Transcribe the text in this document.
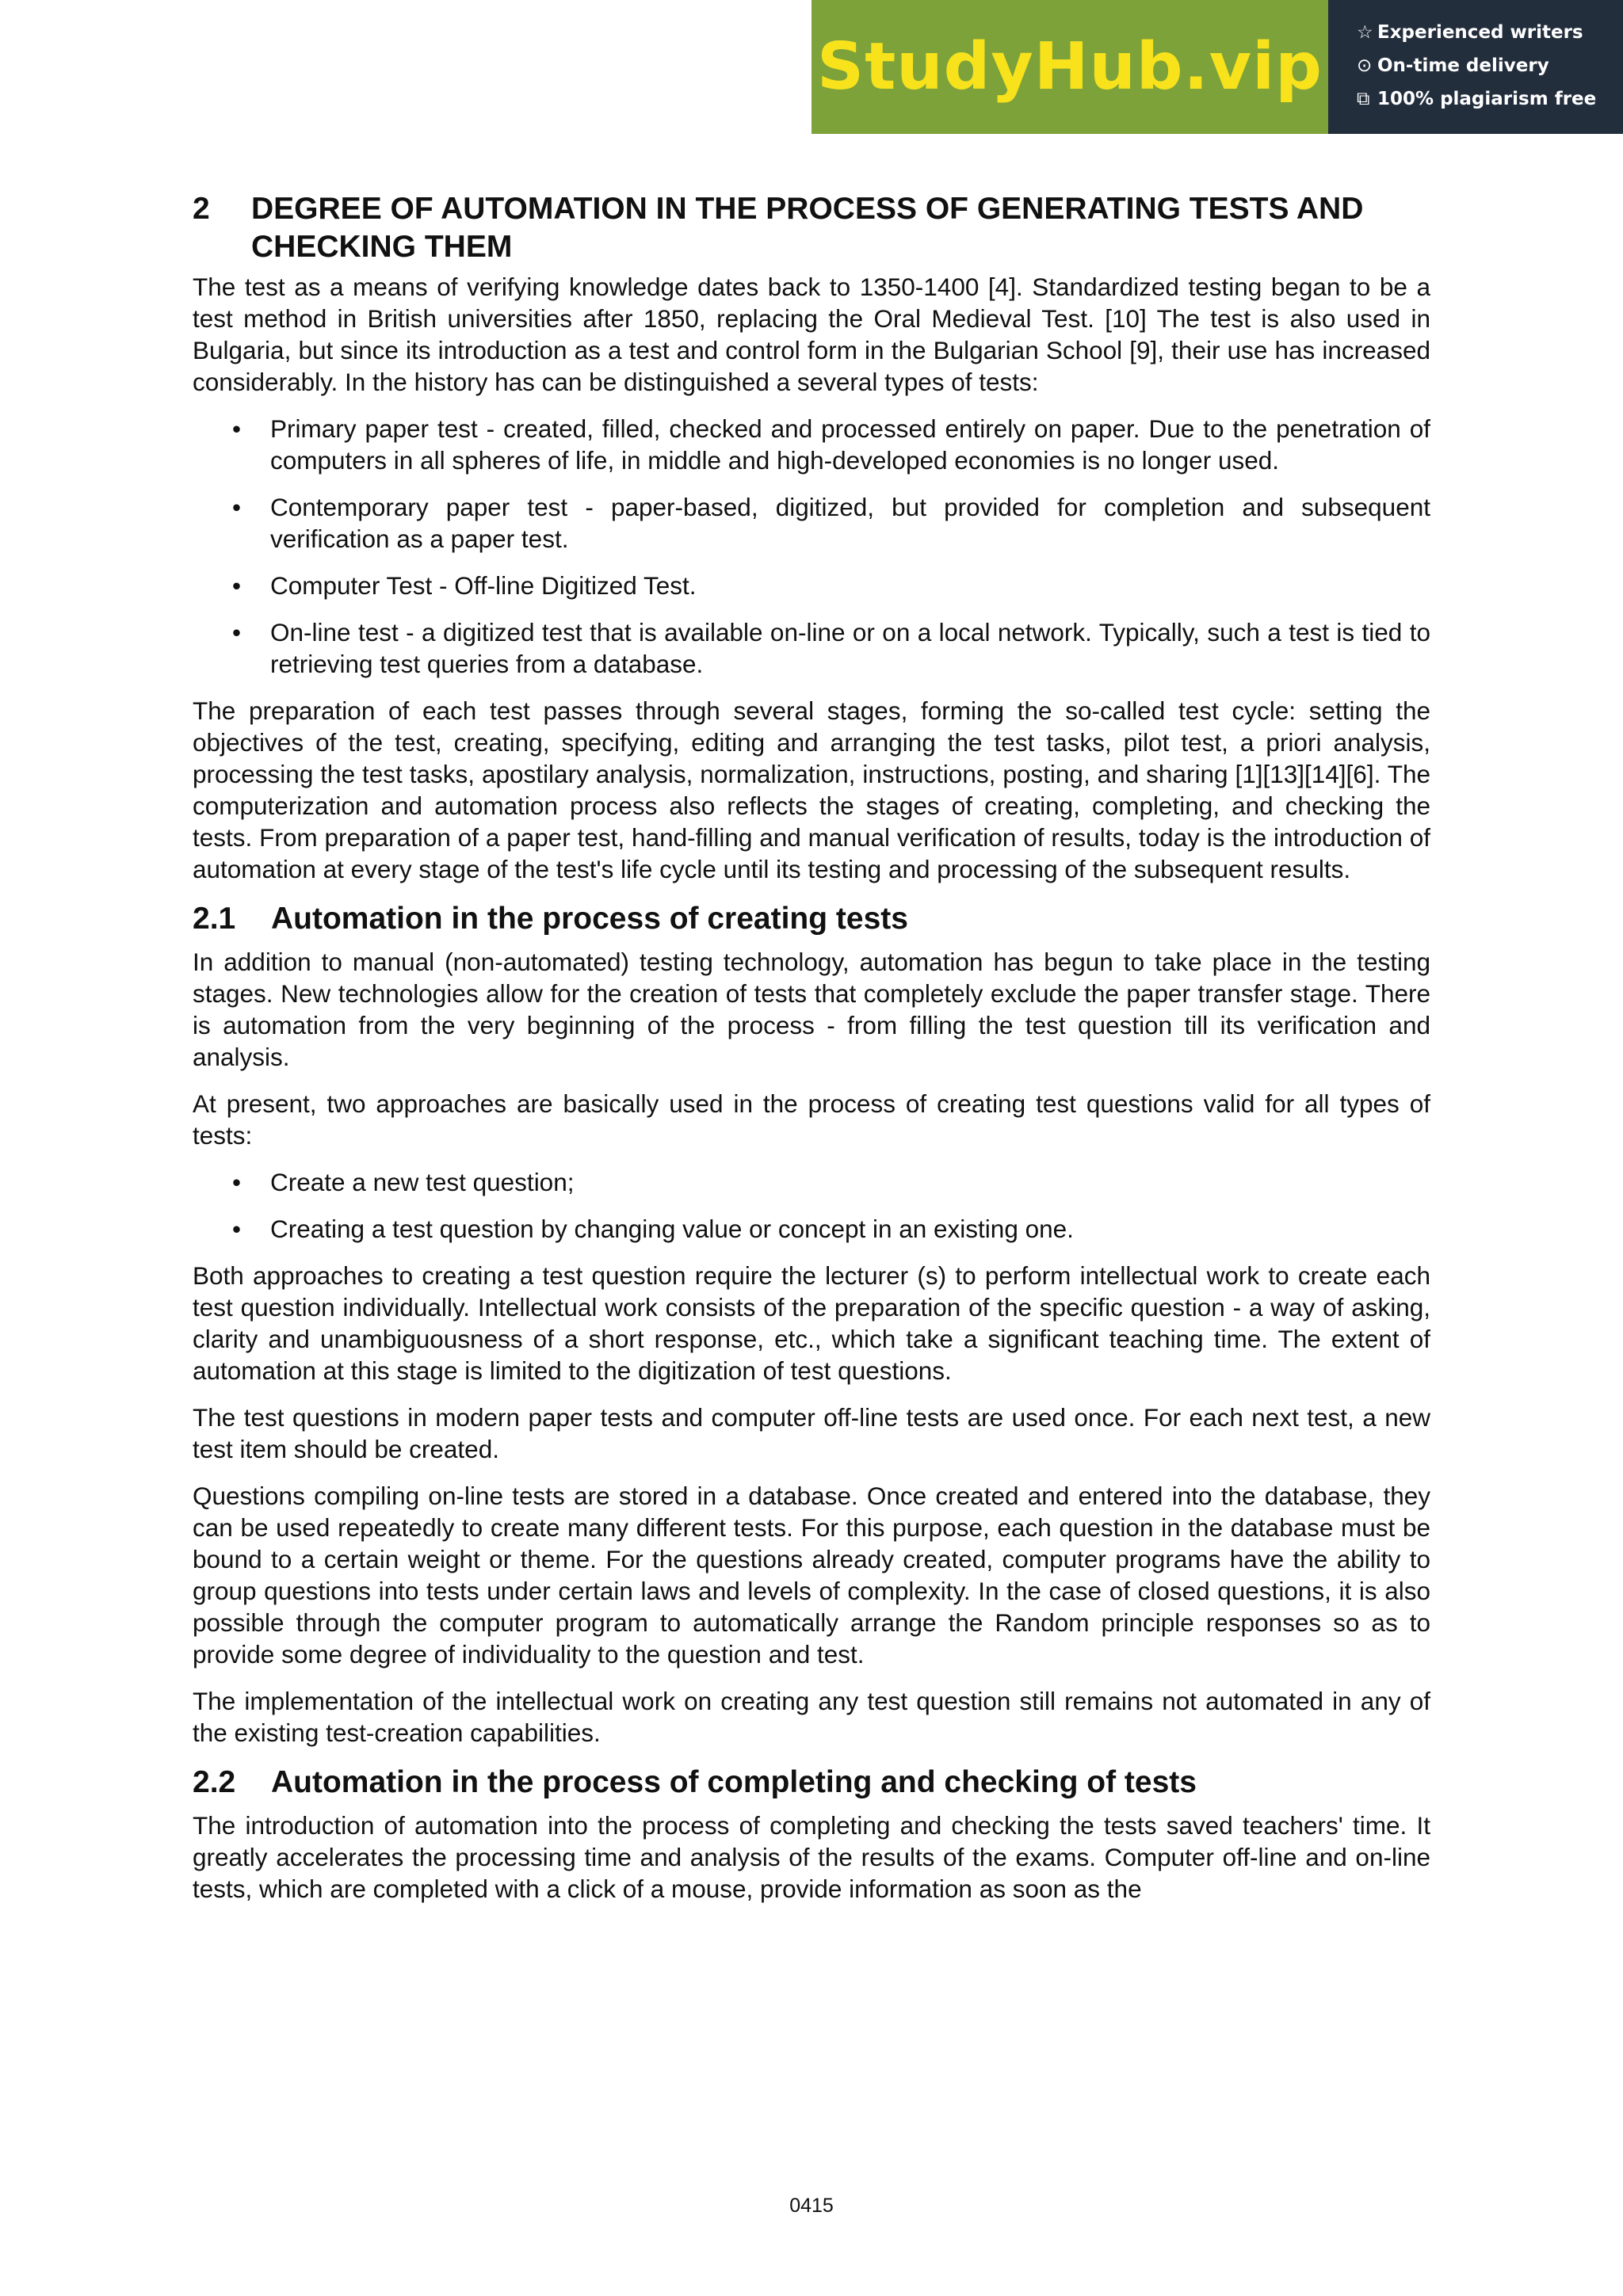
StudyHub.vip ☆ Experienced writers
⊙ On-time delivery
⧉ 100% plagiarism free
2	DEGREE OF AUTOMATION IN THE PROCESS OF GENERATING TESTS AND CHECKING THEM

The test as a means of verifying knowledge dates back to 1350-1400 [4]. Standardized testing began to be a test method in British universities after 1850, replacing the Oral Medieval Test. [10] The test is also used in Bulgaria, but since its introduction as a test and control form in the Bulgarian School [9], their use has increased considerably. In the history has can be distinguished a several types of tests:

• Primary paper test - created, filled, checked and processed entirely on paper. Due to the penetration of computers in all spheres of life, in middle and high-developed economies is no longer used.
• Contemporary paper test - paper-based, digitized, but provided for completion and subsequent verification as a paper test.
• Computer Test - Off-line Digitized Test.
• On-line test - a digitized test that is available on-line or on a local network. Typically, such a test is tied to retrieving test queries from a database.

The preparation of each test passes through several stages, forming the so-called test cycle: setting the objectives of the test, creating, specifying, editing and arranging the test tasks, pilot test, a priori analysis, processing the test tasks, apostilary analysis, normalization, instructions, posting, and sharing [1][13][14][6]. The computerization and automation process also reflects the stages of creating, completing, and checking the tests. From preparation of a paper test, hand-filling and manual verification of results, today is the introduction of automation at every stage of the test's life cycle until its testing and processing of the subsequent results.

2.1	Automation in the process of creating tests

In addition to manual (non-automated) testing technology, automation has begun to take place in the testing stages. New technologies allow for the creation of tests that completely exclude the paper transfer stage. There is automation from the very beginning of the process - from filling the test question till its verification and analysis.

At present, two approaches are basically used in the process of creating test questions valid for all types of tests:

• Create a new test question;
• Creating a test question by changing value or concept in an existing one.

Both approaches to creating a test question require the lecturer (s) to perform intellectual work to create each test question individually. Intellectual work consists of the preparation of the specific question - a way of asking, clarity and unambiguousness of a short response, etc., which take a significant teaching time. The extent of automation at this stage is limited to the digitization of test questions.

The test questions in modern paper tests and computer off-line tests are used once. For each next test, a new test item should be created.

Questions compiling on-line tests are stored in a database. Once created and entered into the database, they can be used repeatedly to create many different tests. For this purpose, each question in the database must be bound to a certain weight or theme. For the questions already created, computer programs have the ability to group questions into tests under certain laws and levels of complexity. In the case of closed questions, it is also possible through the computer program to automatically arrange the Random principle responses so as to provide some degree of individuality to the question and test.

The implementation of the intellectual work on creating any test question still remains not automated in any of the existing test-creation capabilities.

2.2	Automation in the process of completing and checking of tests

The introduction of automation into the process of completing and checking the tests saved teachers' time. It greatly accelerates the processing time and analysis of the results of the exams. Computer off-line and on-line tests, which are completed with a click of a mouse, provide information as soon as the

0415
